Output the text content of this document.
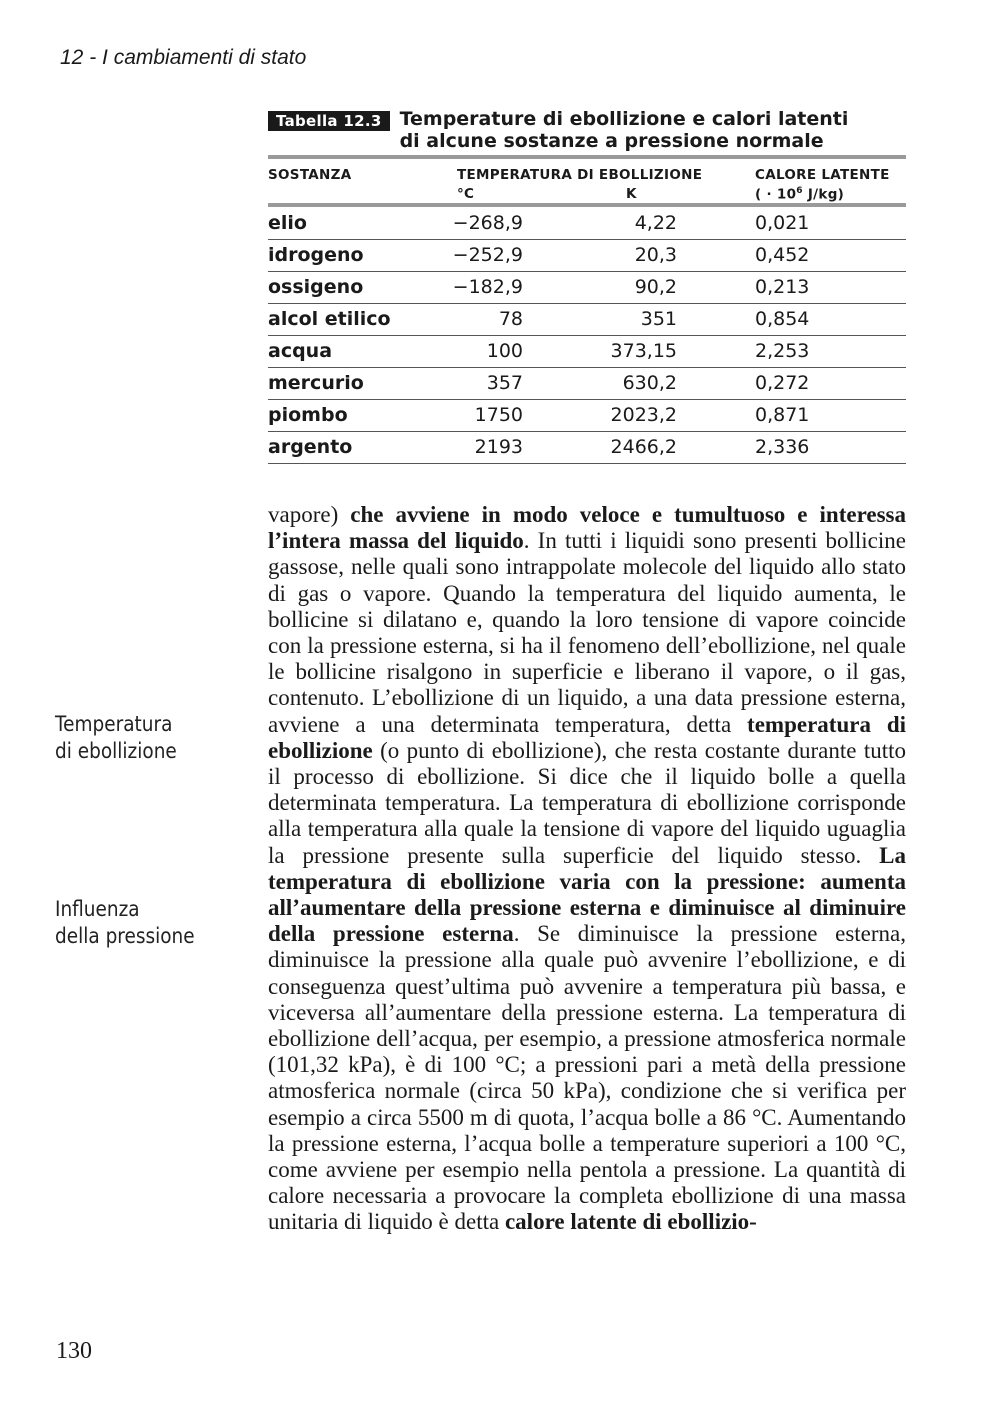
12 - I cambiamenti di stato
Tabella 12.3 Temperature di ebollizione e calori latenti
di alcune sostanze a pressione normale
SOSTANZA	TEMPERATURA DI EBOLLIZIONE
°C	K
CALORE LATENTE
( · $10^6$ J/kg)
elio	−268,9	4,22		0,021
idrogeno	−252,9	20,3		0,452
ossigeno	−182,9	90,2		0,213
alcol etilico	78	351		0,854
acqua	100	373,15		2,253
mercurio	357	630,2		0,272
piombo	1750	2023,2		0,871
argento	2193	2466,2		2,336
Temperatura
di ebollizione
Influenza
della pressione
vapore) che avviene in modo veloce e tumultuoso e interessa l’intera massa del liquido. In tutti i liquidi sono presenti bollicine gassose, nelle quali sono intrappolate molecole del liquido allo stato di gas o vapore. Quando la temperatura del liquido aumenta, le bollicine si dilatano e, quando la loro tensione di vapore coincide con la pressione esterna, si ha il fenomeno dell’ebollizione, nel quale le bollicine risalgono in superficie e liberano il vapore, o il gas, contenuto. L’ebollizione di un liquido, a una data pressione esterna, avviene a una determinata temperatura, detta temperatura di ebollizione (o punto di ebollizione), che resta costante durante tutto il processo di ebollizione. Si dice che il liquido bolle a quella determinata temperatura. La temperatura di ebollizione corrisponde alla temperatura alla quale la tensione di vapore del liquido uguaglia la pressione presente sulla superficie del liquido stesso. La temperatura di ebollizione varia con la pressione: aumenta all’aumentare della pressione esterna e diminuisce al diminuire della pressione esterna. Se diminuisce la pressione esterna, diminuisce la pressione alla quale può avvenire l’ebollizione, e di conseguenza quest’ultima può avvenire a temperatura più bassa, e viceversa all’aumentare della pressione esterna. La temperatura di ebollizione dell’acqua, per esempio, a pressione atmosferica normale (101,32 kPa), è di 100 °C; a pressioni pari a metà della pressione atmosferica normale (circa 50 kPa), condizione che si verifica per esempio a circa 5500 m di quota, l’acqua bolle a 86 °C. Aumentando la pressione esterna, l’acqua bolle a temperature superiori a 100 °C, come avviene per esempio nella pentola a pressione. La quantità di calore necessaria a provocare la completa ebollizione di una massa unitaria di liquido è detta calore latente di ebollizio-
130
